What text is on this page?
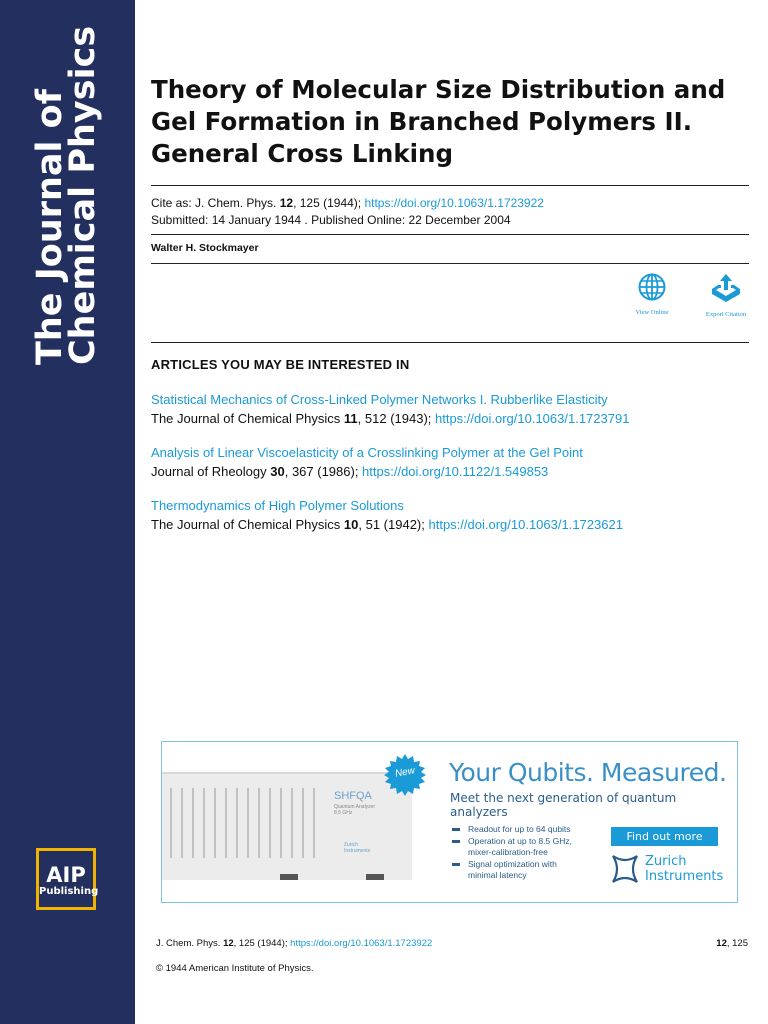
The Journal of
Chemical Physics
AIP
Publishing
Theory of Molecular Size Distribution and Gel Formation in Branched Polymers II. General Cross Linking
Cite as: J. Chem. Phys. 12, 125 (1944); https://doi.org/10.1063/1.1723922
Submitted: 14 January 1944 . Published Online: 22 December 2004
Walter H. Stockmayer
View Online	Export Citation
ARTICLES YOU MAY BE INTERESTED IN
Statistical Mechanics of Cross-Linked Polymer Networks I. Rubberlike Elasticity
The Journal of Chemical Physics 11, 512 (1943); https://doi.org/10.1063/1.1723791
Analysis of Linear Viscoelasticity of a Crosslinking Polymer at the Gel Point
Journal of Rheology 30, 367 (1986); https://doi.org/10.1122/1.549853
Thermodynamics of High Polymer Solutions
The Journal of Chemical Physics 10, 51 (1942); https://doi.org/10.1063/1.1723621
SHFQA
Quantum Analyzer
8.5 GHz
Zurich
Instruments
New	Your Qubits. Measured.
Meet the next generation of quantum analyzers
Readout for up to 64 qubits
Operation at up to 8.5 GHz, mixer-calibration-free
Signal optimization with minimal latency
Find out more
Zurich
Instruments
J. Chem. Phys. 12, 125 (1944); https://doi.org/10.1063/1.1723922	12, 125
© 1944 American Institute of Physics.
